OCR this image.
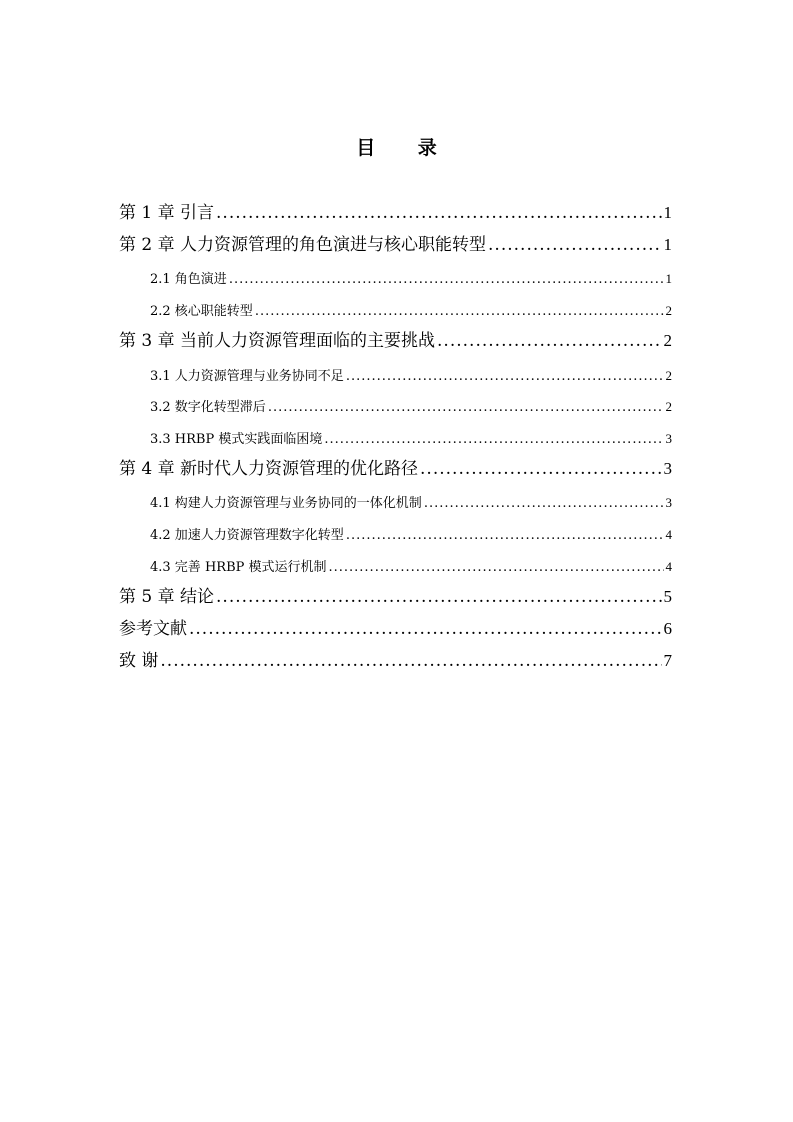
目 录
第 1 章 引言 .....	1
第 2 章 人力资源管理的角色演进与核心职能转型 .....	1
2.1 角色演进 .....	1
2.2 核心职能转型 .....	2
第 3 章 当前人力资源管理面临的主要挑战 .....	2
3.1 人力资源管理与业务协同不足 .....	2
3.2 数字化转型滞后 .....	2
3.3 HRBP 模式实践面临困境 .....	3
第 4 章 新时代人力资源管理的优化路径 .....	3
4.1 构建人力资源管理与业务协同的一体化机制 .....	3
4.2 加速人力资源管理数字化转型 .....	4
4.3 完善 HRBP 模式运行机制 .....	4
第 5 章 结论 .....	5
参考文献 .....	6
致 谢 .....	7
